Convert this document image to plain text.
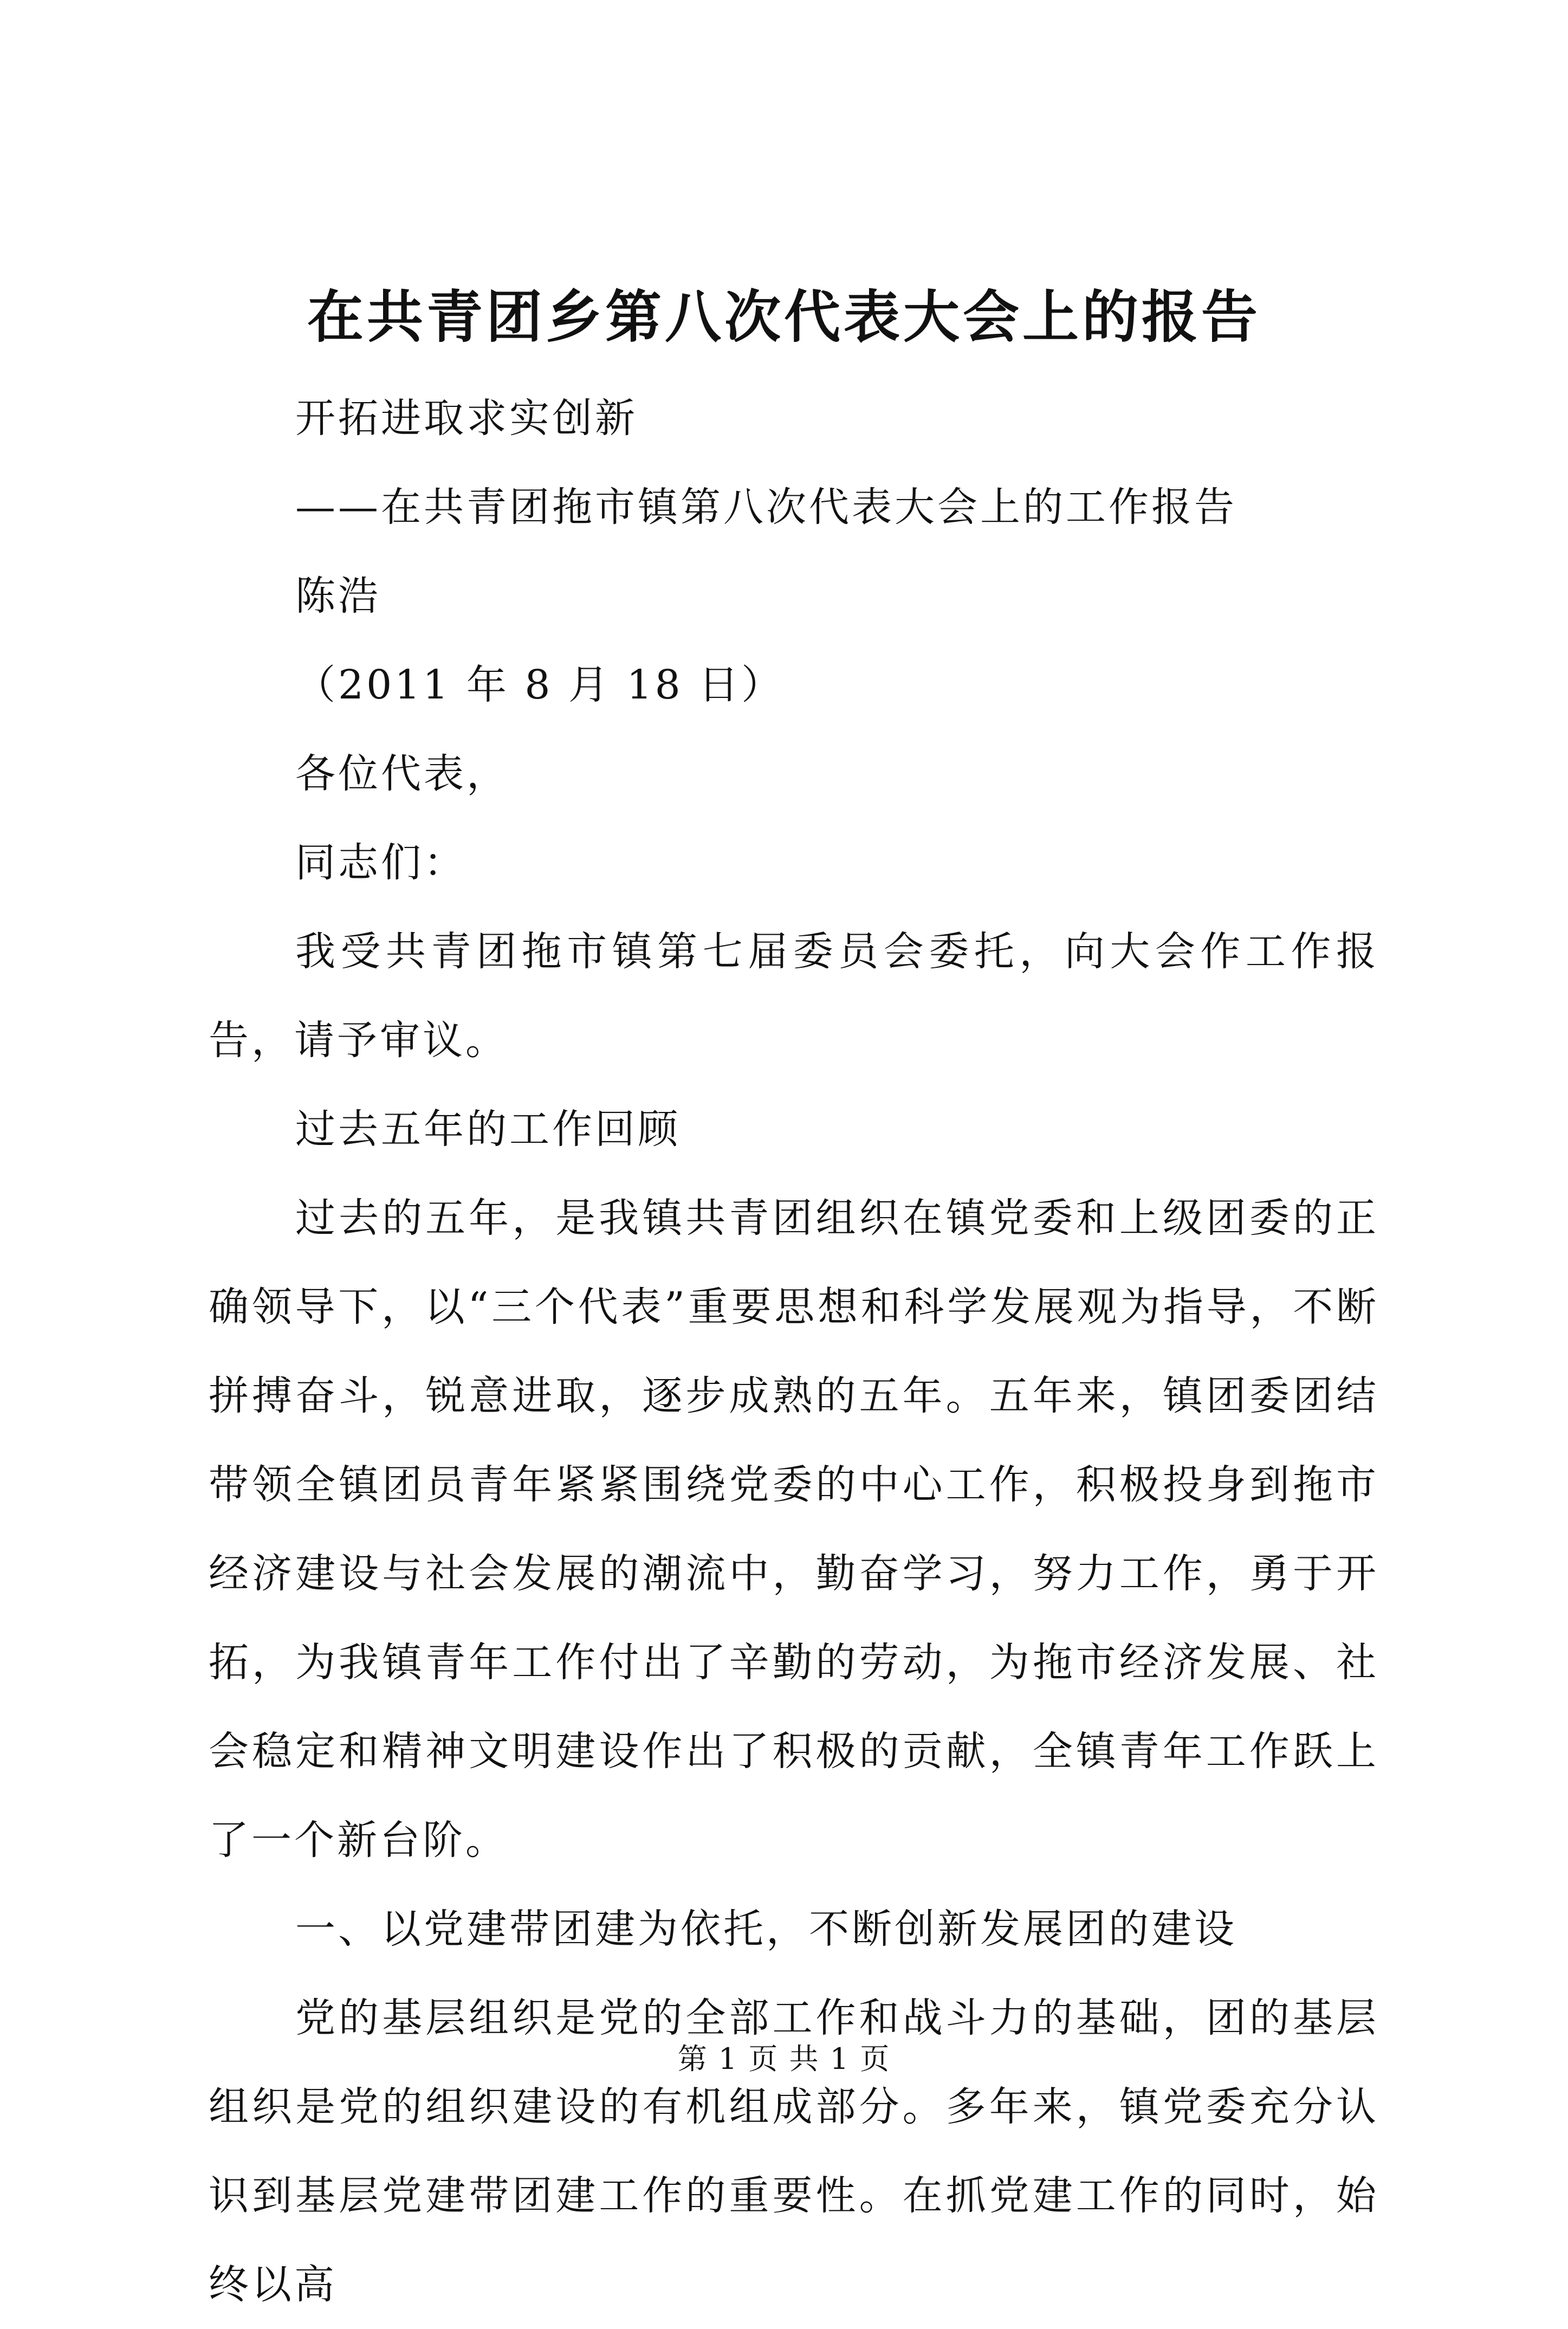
在共青团乡第八次代表大会上的报告

开拓进取求实创新

——在共青团拖市镇第八次代表大会上的工作报告

陈浩

（2011 年 8 月 18 日）

各位代表，

同志们：

我受共青团拖市镇第七届委员会委托，向大会作工作报告，请予审议。

过去五年的工作回顾

过去的五年，是我镇共青团组织在镇党委和上级团委的正确领导下，以“三个代表”重要思想和科学发展观为指导，不断拼搏奋斗，锐意进取，逐步成熟的五年。五年来，镇团委团结带领全镇团员青年紧紧围绕党委的中心工作，积极投身到拖市经济建设与社会发展的潮流中，勤奋学习，努力工作，勇于开拓，为我镇青年工作付出了辛勤的劳动，为拖市经济发展、社会稳定和精神文明建设作出了积极的贡献，全镇青年工作跃上了一个新台阶。

一、以党建带团建为依托，不断创新发展团的建设

党的基层组织是党的全部工作和战斗力的基础，团的基层组织是党的组织建设的有机组成部分。多年来，镇党委充分认识到基层党建带团建工作的重要性。在抓党建工作的同时，始终以高

第 1 页 共 1 页
